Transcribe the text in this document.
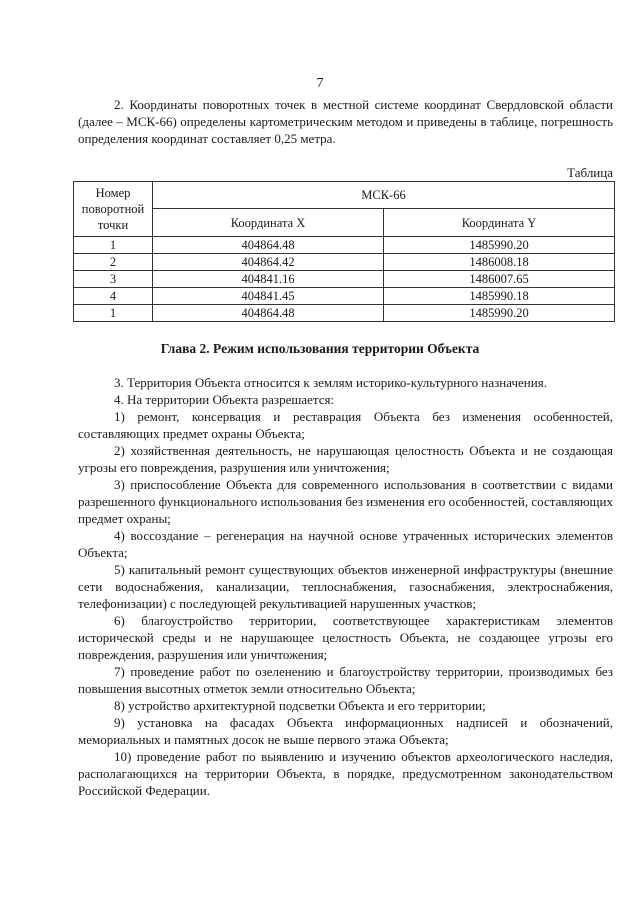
7

2. Координаты поворотных точек в местной системе координат Свердловской области (далее – МСК-66) определены картометрическим методом и приведены в таблице, погрешность определения координат составляет 0,25 метра.

Таблица
Номер поворотной точки	МСК-66	
	Координата X	Координата Y
1	404864.48	1485990.20
2	404864.42	1486008.18
3	404841.16	1486007.65
4	404841.45	1485990.18
1	404864.48	1485990.20
Глава 2. Режим использования территории Объекта

3. Территория Объекта относится к землям историко-культурного назначения.

4. На территории Объекта разрешается:

1) ремонт, консервация и реставрация Объекта без изменения особенностей, составляющих предмет охраны Объекта;

2) хозяйственная деятельность, не нарушающая целостность Объекта и не создающая угрозы его повреждения, разрушения или уничтожения;

3) приспособление Объекта для современного использования в соответствии с видами разрешенного функционального использования без изменения его особенностей, составляющих предмет охраны;

4) воссоздание – регенерация на научной основе утраченных исторических элементов Объекта;

5) капитальный ремонт существующих объектов инженерной инфраструктуры (внешние сети водоснабжения, канализации, теплоснабжения, газоснабжения, электроснабжения, телефонизации) с последующей рекультивацией нарушенных участков;

6) благоустройство территории, соответствующее характеристикам элементов исторической среды и не нарушающее целостность Объекта, не создающее угрозы его повреждения, разрушения или уничтожения;

7) проведение работ по озеленению и благоустройству территории, производимых без повышения высотных отметок земли относительно Объекта;

8) устройство архитектурной подсветки Объекта и его территории;

9) установка на фасадах Объекта информационных надписей и обозначений, мемориальных и памятных досок не выше первого этажа Объекта;

10) проведение работ по выявлению и изучению объектов археологического наследия, располагающихся на территории Объекта, в порядке, предусмотренном законодательством Российской Федерации.
